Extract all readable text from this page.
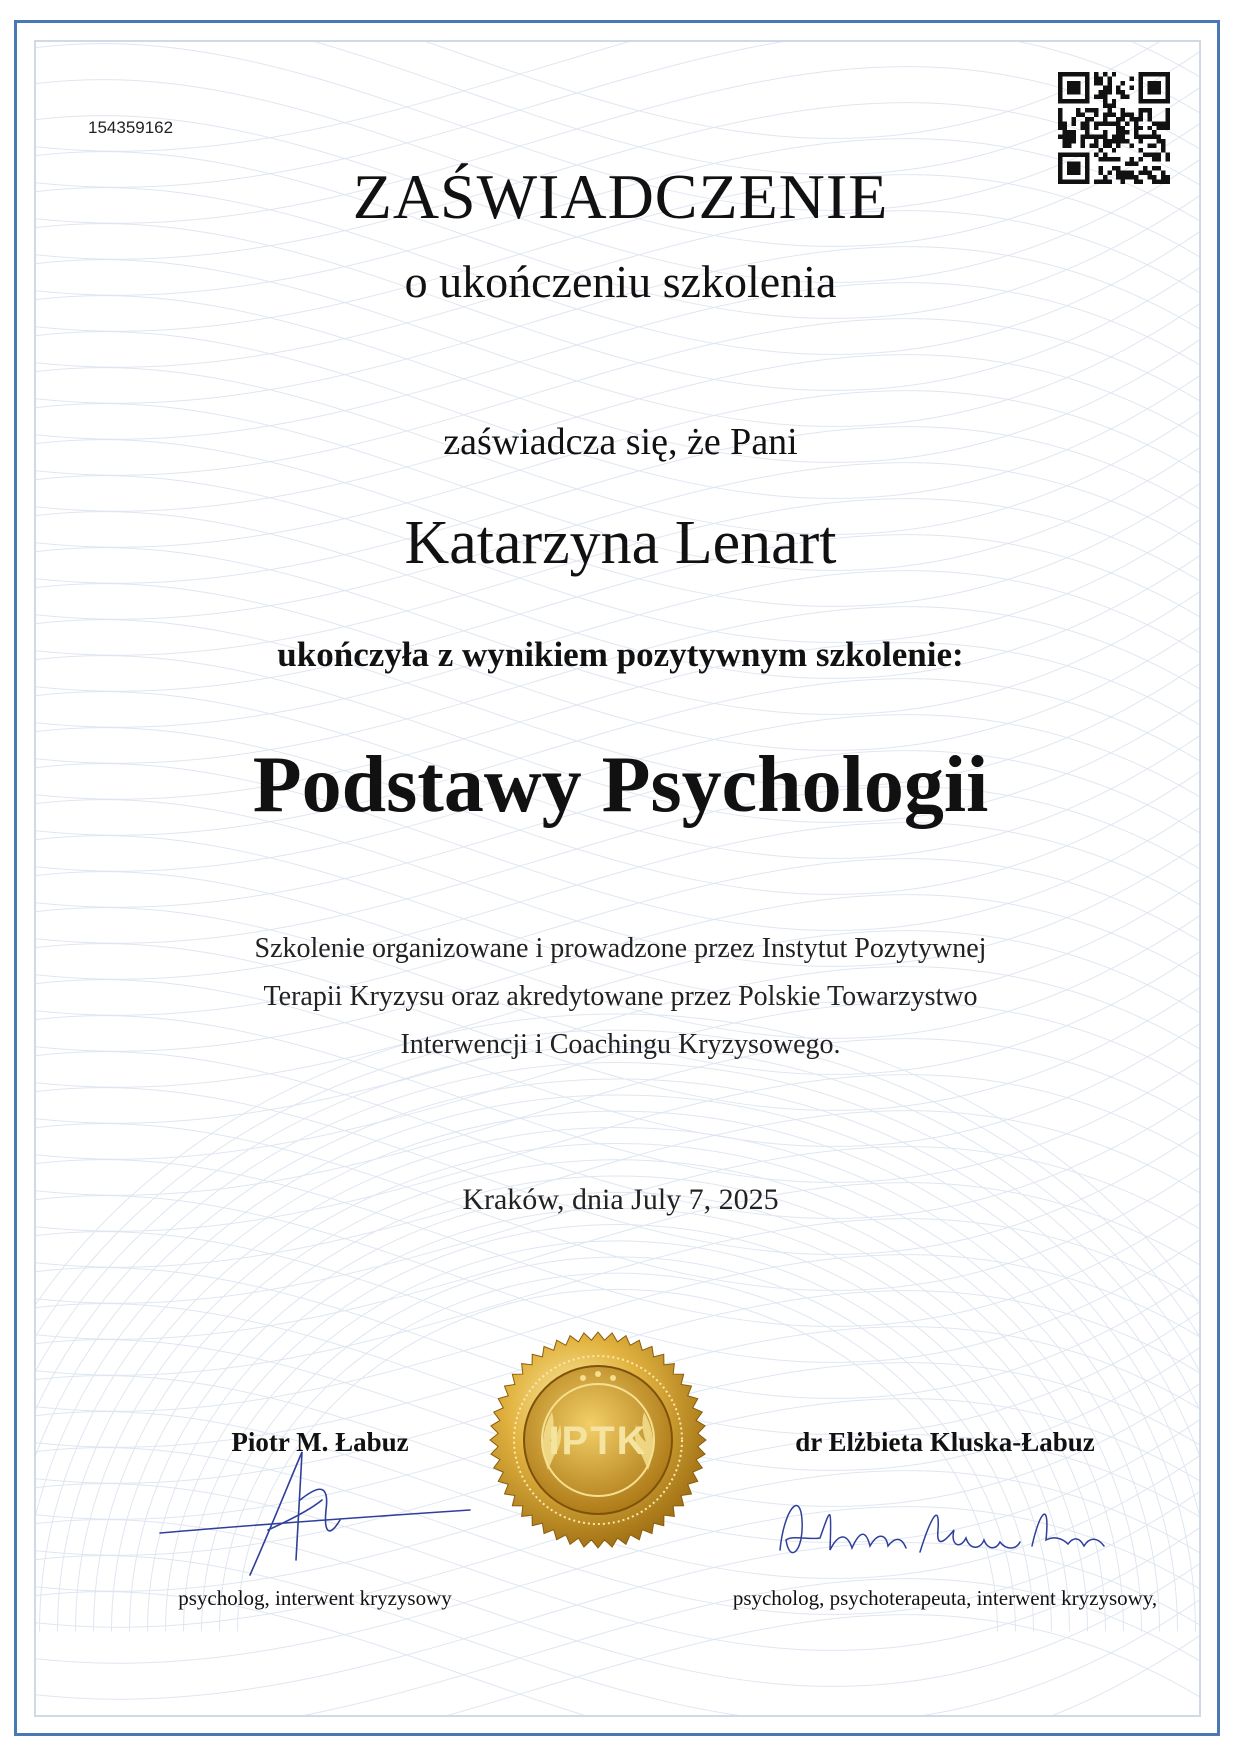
154359162
ZAŚWIADCZENIE
o ukończeniu szkolenia
zaświadcza się, że Pani
Katarzyna Lenart
ukończyła z wynikiem pozytywnym szkolenie:
Podstawy Psychologii
Szkolenie organizowane i prowadzone przez Instytut Pozytywnej
Terapii Kryzysu oraz akredytowane przez Polskie Towarzystwo
Interwencji i Coachingu Kryzysowego.
Kraków, dnia July 7, 2025
IPTK
Piotr M. Łabuz
psycholog, interwent kryzysowy
dr Elżbieta Kluska-Łabuz
psycholog, psychoterapeuta, interwent kryzysowy,
